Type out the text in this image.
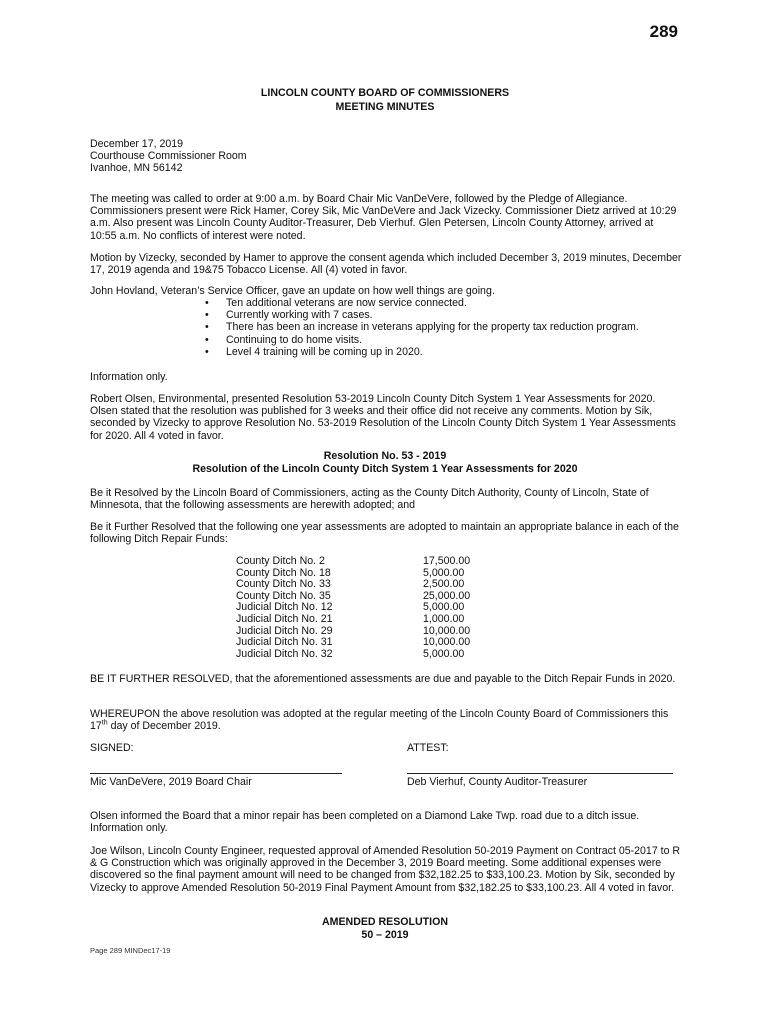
289
LINCOLN COUNTY BOARD OF COMMISSIONERS
MEETING MINUTES
December 17, 2019
Courthouse Commissioner Room
Ivanhoe, MN 56142

The meeting was called to order at 9:00 a.m. by Board Chair Mic VanDeVere, followed by the Pledge of Allegiance. Commissioners present were Rick Hamer, Corey Sik, Mic VanDeVere and Jack Vizecky. Commissioner Dietz arrived at 10:29 a.m. Also present was Lincoln County Auditor-Treasurer, Deb Vierhuf. Glen Petersen, Lincoln County Attorney, arrived at 10:55 a.m. No conflicts of interest were noted.

Motion by Vizecky, seconded by Hamer to approve the consent agenda which included December 3, 2019 minutes, December 17, 2019 agenda and 19&75 Tobacco License. All (4) voted in favor.

John Hovland, Veteran’s Service Officer, gave an update on how well things are going.
• Ten additional veterans are now service connected.
• Currently working with 7 cases.
• There has been an increase in veterans applying for the property tax reduction program.
• Continuing to do home visits.
• Level 4 training will be coming up in 2020.
Information only.

Robert Olsen, Environmental, presented Resolution 53-2019 Lincoln County Ditch System 1 Year Assessments for 2020. Olsen stated that the resolution was published for 3 weeks and their office did not receive any comments. Motion by Sik, seconded by Vizecky to approve Resolution No. 53-2019 Resolution of the Lincoln County Ditch System 1 Year Assessments for 2020. All 4 voted in favor.

Resolution No. 53 - 2019
Resolution of the Lincoln County Ditch System 1 Year Assessments for 2020

Be it Resolved by the Lincoln Board of Commissioners, acting as the County Ditch Authority, County of Lincoln, State of Minnesota, that the following assessments are herewith adopted; and

Be it Further Resolved that the following one year assessments are adopted to maintain an appropriate balance in each of the following Ditch Repair Funds:

County Ditch No. 2	17,500.00
County Ditch No. 18	5,000.00
County Ditch No. 33	2,500.00
County Ditch No. 35	25,000.00
Judicial Ditch No. 12	5,000.00
Judicial Ditch No. 21	1,000.00
Judicial Ditch No. 29	10,000.00
Judicial Ditch No. 31	10,000.00
Judicial Ditch No. 32	5,000.00

BE IT FURTHER RESOLVED, that the aforementioned assessments are due and payable to the Ditch Repair Funds in 2020.

WHEREUPON the above resolution was adopted at the regular meeting of the Lincoln County Board of Commissioners this 17th day of December 2019.

SIGNED:	ATTEST:
Mic VanDeVere, 2019 Board Chair	Deb Vierhuf, County Auditor-Treasurer

Olsen informed the Board that a minor repair has been completed on a Diamond Lake Twp. road due to a ditch issue. Information only.

Joe Wilson, Lincoln County Engineer, requested approval of Amended Resolution 50-2019 Payment on Contract 05-2017 to R & G Construction which was originally approved in the December 3, 2019 Board meeting. Some additional expenses were discovered so the final payment amount will need to be changed from $32,182.25 to $33,100.23. Motion by Sik, seconded by Vizecky to approve Amended Resolution 50-2019 Final Payment Amount from $32,182.25 to $33,100.23. All 4 voted in favor.

AMENDED RESOLUTION
50 – 2019
Page 289 MINDec17-19
